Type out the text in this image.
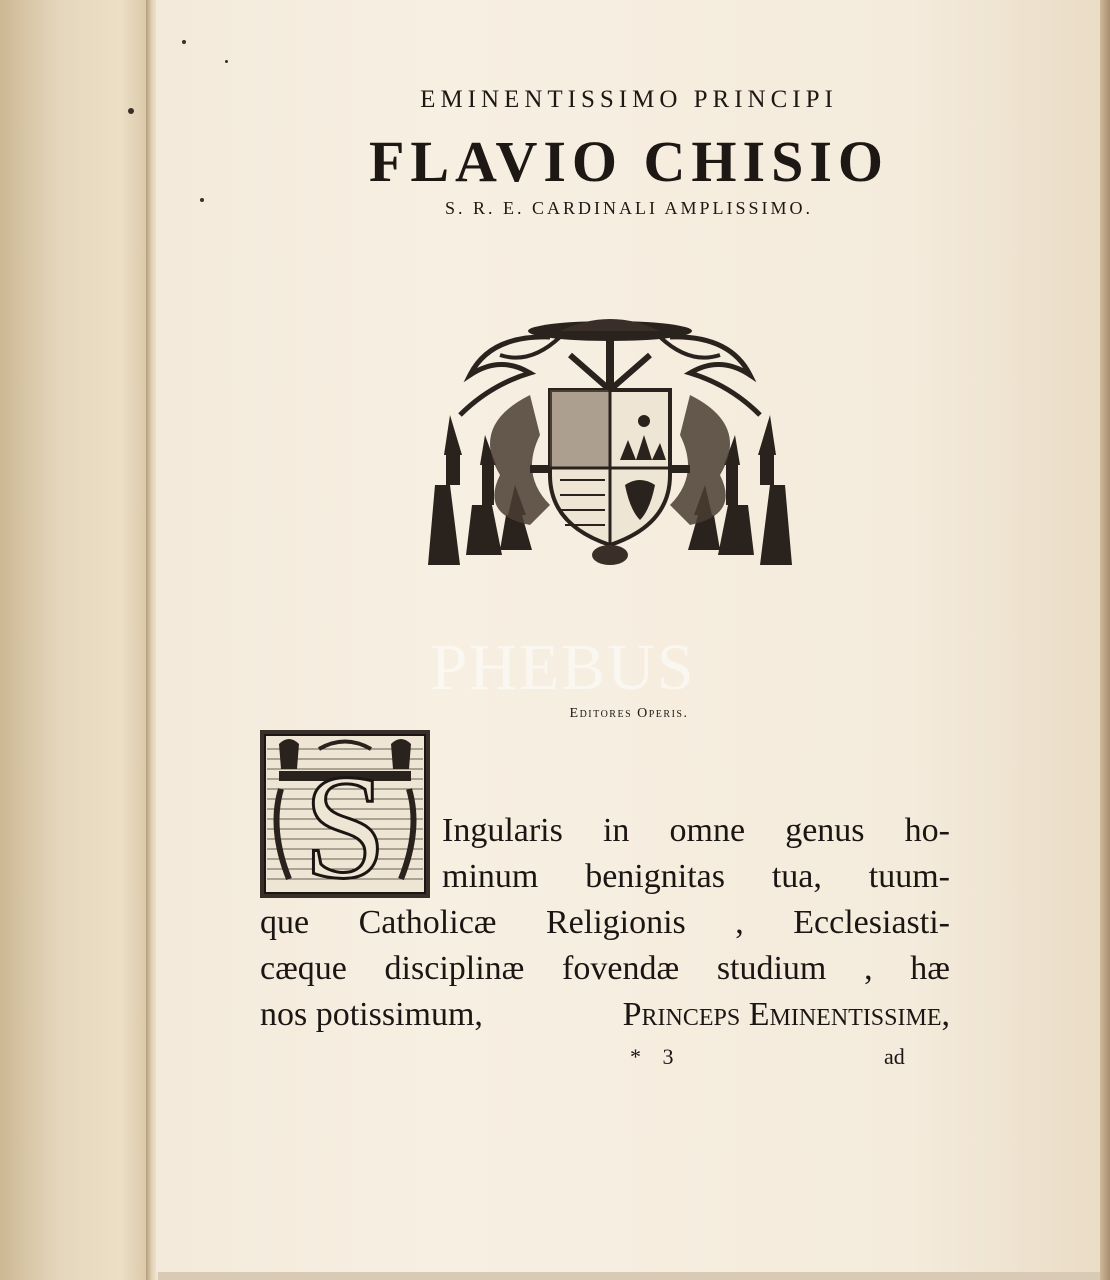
EMINENTISSIMO PRINCIPI
FLAVIO CHISIO
S. R. E. CARDINALI AMPLISSIMO.
PHEBUS
Editores Operis.
S Ingularis in omne genus ho-
minum benignitas tua, tuum-
que Catholicæ Religionis , Ecclesiasti-
cæque disciplinæ fovendæ studium , hæ
nos potissimum,	Princeps Eminentissime,
* 3	ad
